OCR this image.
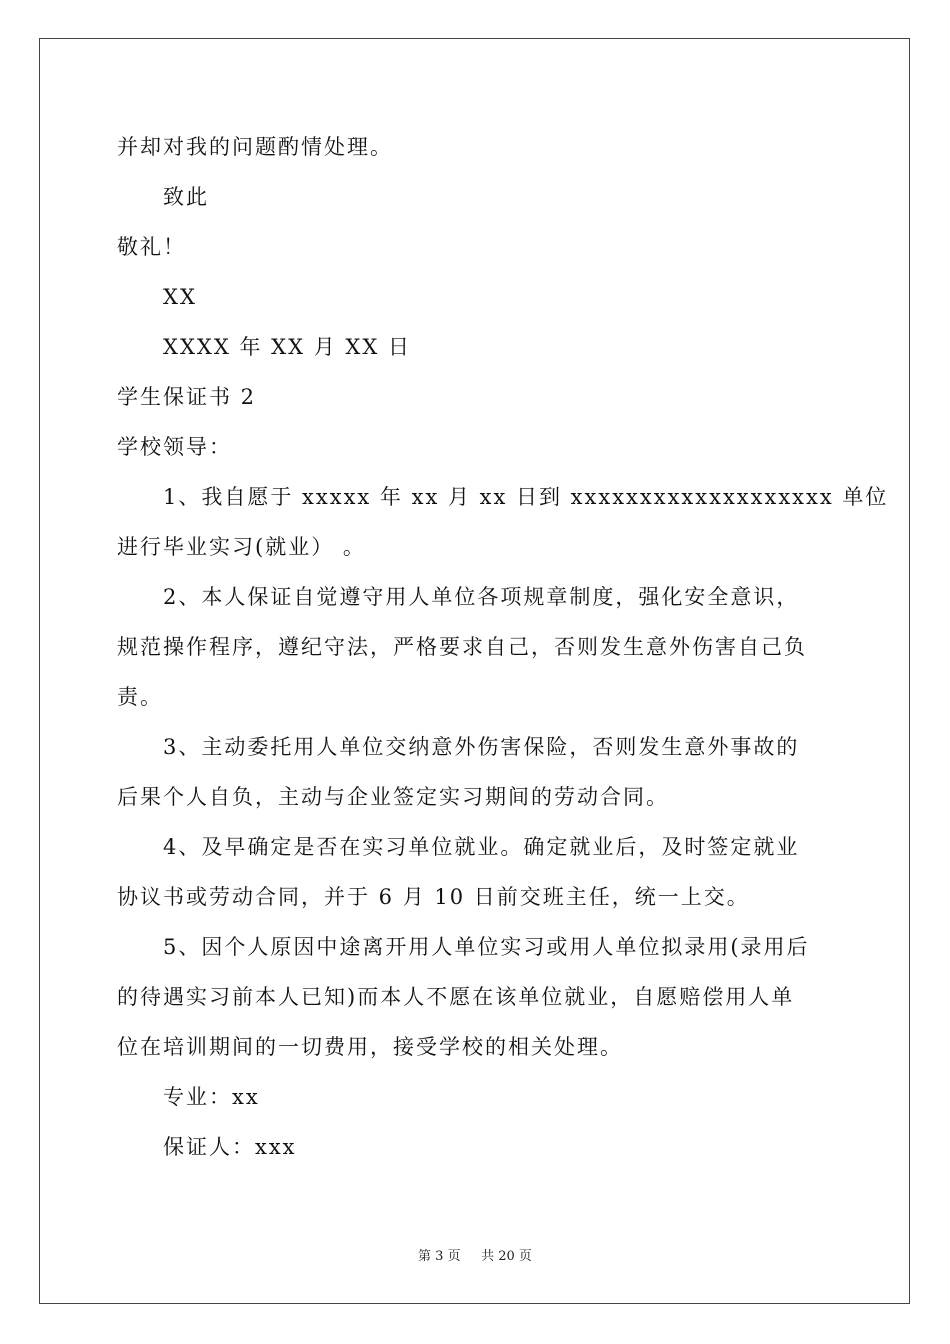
并却对我的问题酌情处理。
致此
敬礼！
XX
XXXX 年 XX 月 XX 日
学生保证书 2
学校领导：
1、我自愿于 xxxxx 年 xx 月 xx 日到 xxxxxxxxxxxxxxxxxxx 单位
进行毕业实习(就业） 。
2、本人保证自觉遵守用人单位各项规章制度，强化安全意识，
规范操作程序，遵纪守法，严格要求自己，否则发生意外伤害自己负
责。
3、主动委托用人单位交纳意外伤害保险，否则发生意外事故的
后果个人自负，主动与企业签定实习期间的劳动合同。
4、及早确定是否在实习单位就业。确定就业后，及时签定就业
协议书或劳动合同，并于 6 月 10 日前交班主任，统一上交。
5、因个人原因中途离开用人单位实习或用人单位拟录用(录用后
的待遇实习前本人已知)而本人不愿在该单位就业，自愿赔偿用人单
位在培训期间的一切费用，接受学校的相关处理。
专业：xx
保证人：xxx
第 3 页 共 20 页
